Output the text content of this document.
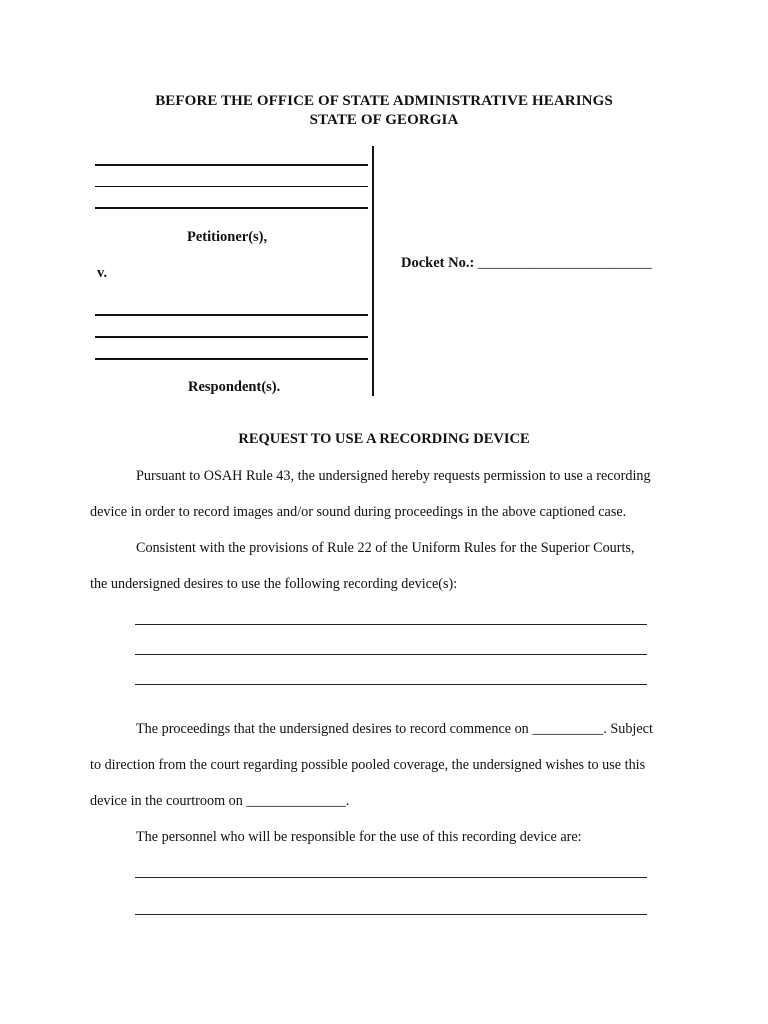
BEFORE THE OFFICE OF STATE ADMINISTRATIVE HEARINGS
STATE OF GEORGIA
Petitioner(s),
v.
Respondent(s).
Docket No.: ________________________
REQUEST TO USE A RECORDING DEVICE
Pursuant to OSAH Rule 43, the undersigned hereby requests permission to use a recording
device in order to record images and/or sound during proceedings in the above captioned case.
Consistent with the provisions of Rule 22 of the Uniform Rules for the Superior Courts,
the undersigned desires to use the following recording device(s):
The proceedings that the undersigned desires to record commence on __________. Subject
to direction from the court regarding possible pooled coverage, the undersigned wishes to use this
device in the courtroom on ______________.
The personnel who will be responsible for the use of this recording device are:
